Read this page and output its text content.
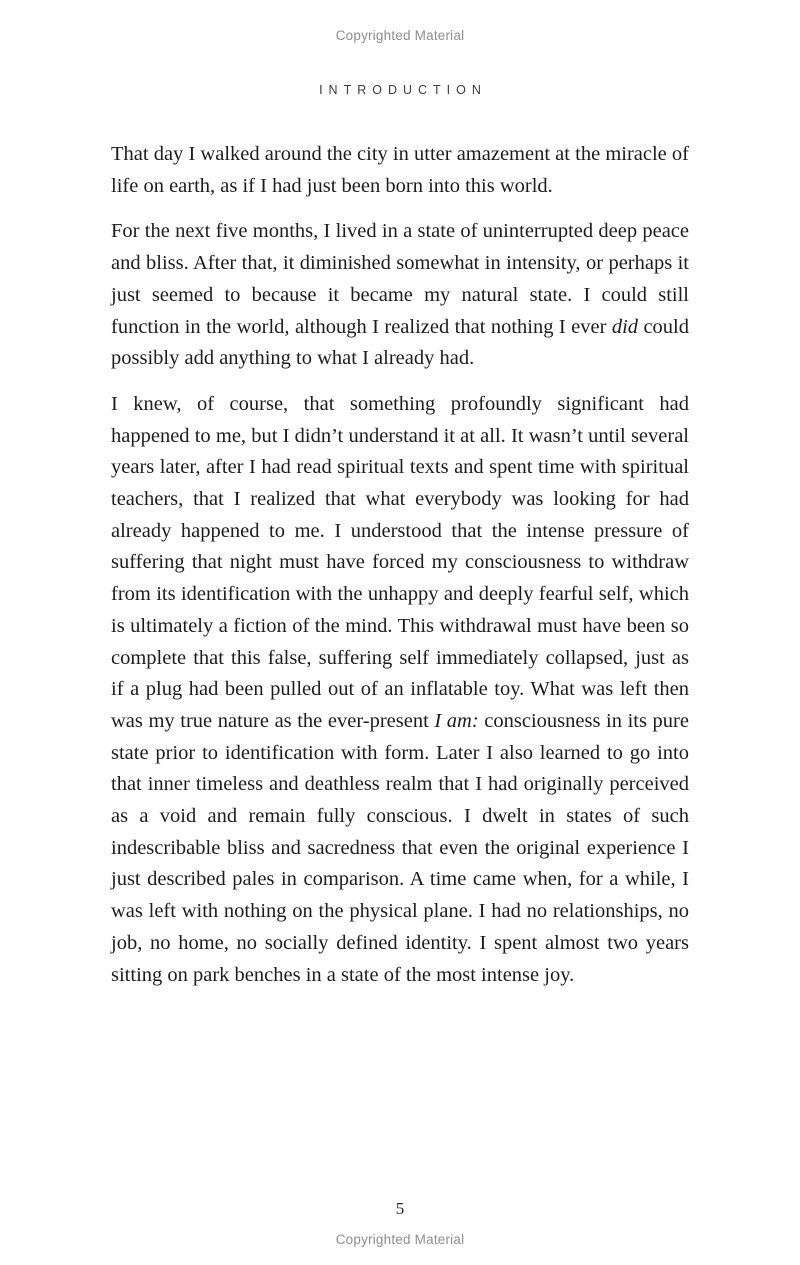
Copyrighted Material
INTRODUCTION

That day I walked around the city in utter amazement at the miracle of life on earth, as if I had just been born into this world.

For the next five months, I lived in a state of uninterrupted deep peace and bliss. After that, it diminished somewhat in intensity, or perhaps it just seemed to because it became my natural state. I could still function in the world, although I realized that nothing I ever did could possibly add anything to what I already had.

I knew, of course, that something profoundly significant had happened to me, but I didn’t understand it at all. It wasn’t until several years later, after I had read spiritual texts and spent time with spiritual teachers, that I realized that what everybody was looking for had already happened to me. I understood that the intense pressure of suffering that night must have forced my consciousness to withdraw from its identification with the unhappy and deeply fearful self, which is ultimately a fiction of the mind. This withdrawal must have been so complete that this false, suffering self immediately collapsed, just as if a plug had been pulled out of an inflatable toy. What was left then was my true nature as the ever-present I am: consciousness in its pure state prior to identification with form. Later I also learned to go into that inner timeless and deathless realm that I had originally perceived as a void and remain fully conscious. I dwelt in states of such indescribable bliss and sacredness that even the original experience I just described pales in comparison. A time came when, for a while, I was left with nothing on the physical plane. I had no relationships, no job, no home, no socially defined identity. I spent almost two years sitting on park benches in a state of the most intense joy.

5
Copyrighted Material
